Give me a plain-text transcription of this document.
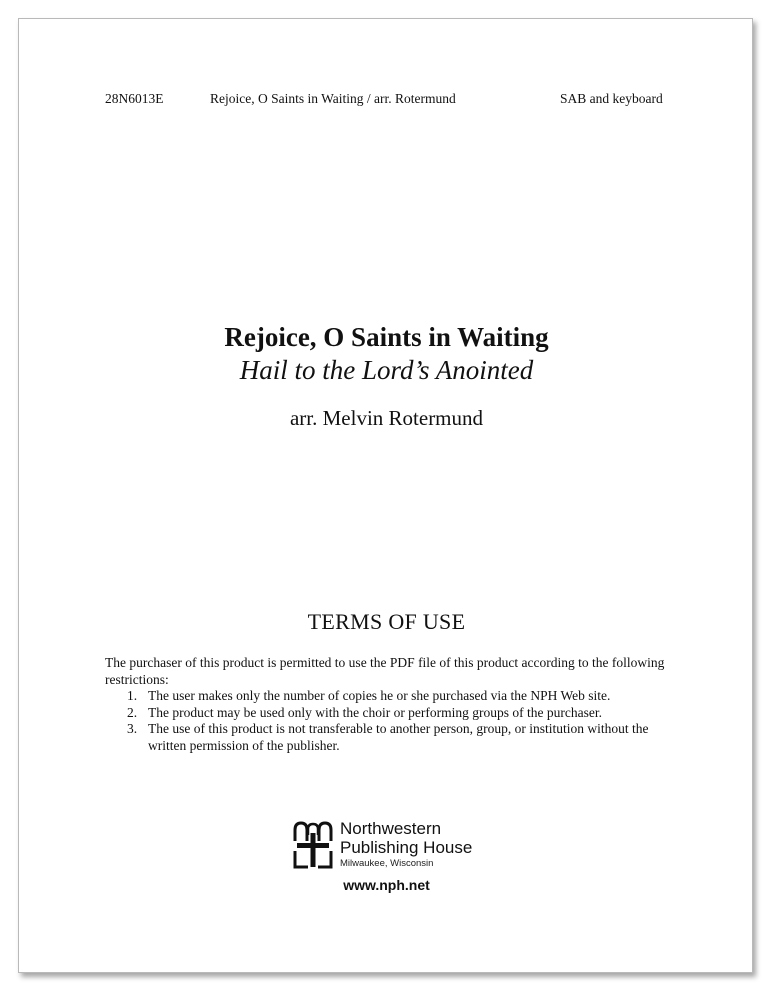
28N6013E	Rejoice, O Saints in Waiting / arr. Rotermund	SAB and keyboard
Rejoice, O Saints in Waiting
Hail to the Lord’s Anointed
arr. Melvin Rotermund
TERMS OF USE
The purchaser of this product is permitted to use the PDF file of this product according to the following restrictions:
1. The user makes only the number of copies he or she purchased via the NPH Web site.
2. The product may be used only with the choir or performing groups of the purchaser.
3. The use of this product is not transferable to another person, group, or institution without the written permission of the publisher.
Northwestern
Publishing House
Milwaukee, Wisconsin
www.nph.net
